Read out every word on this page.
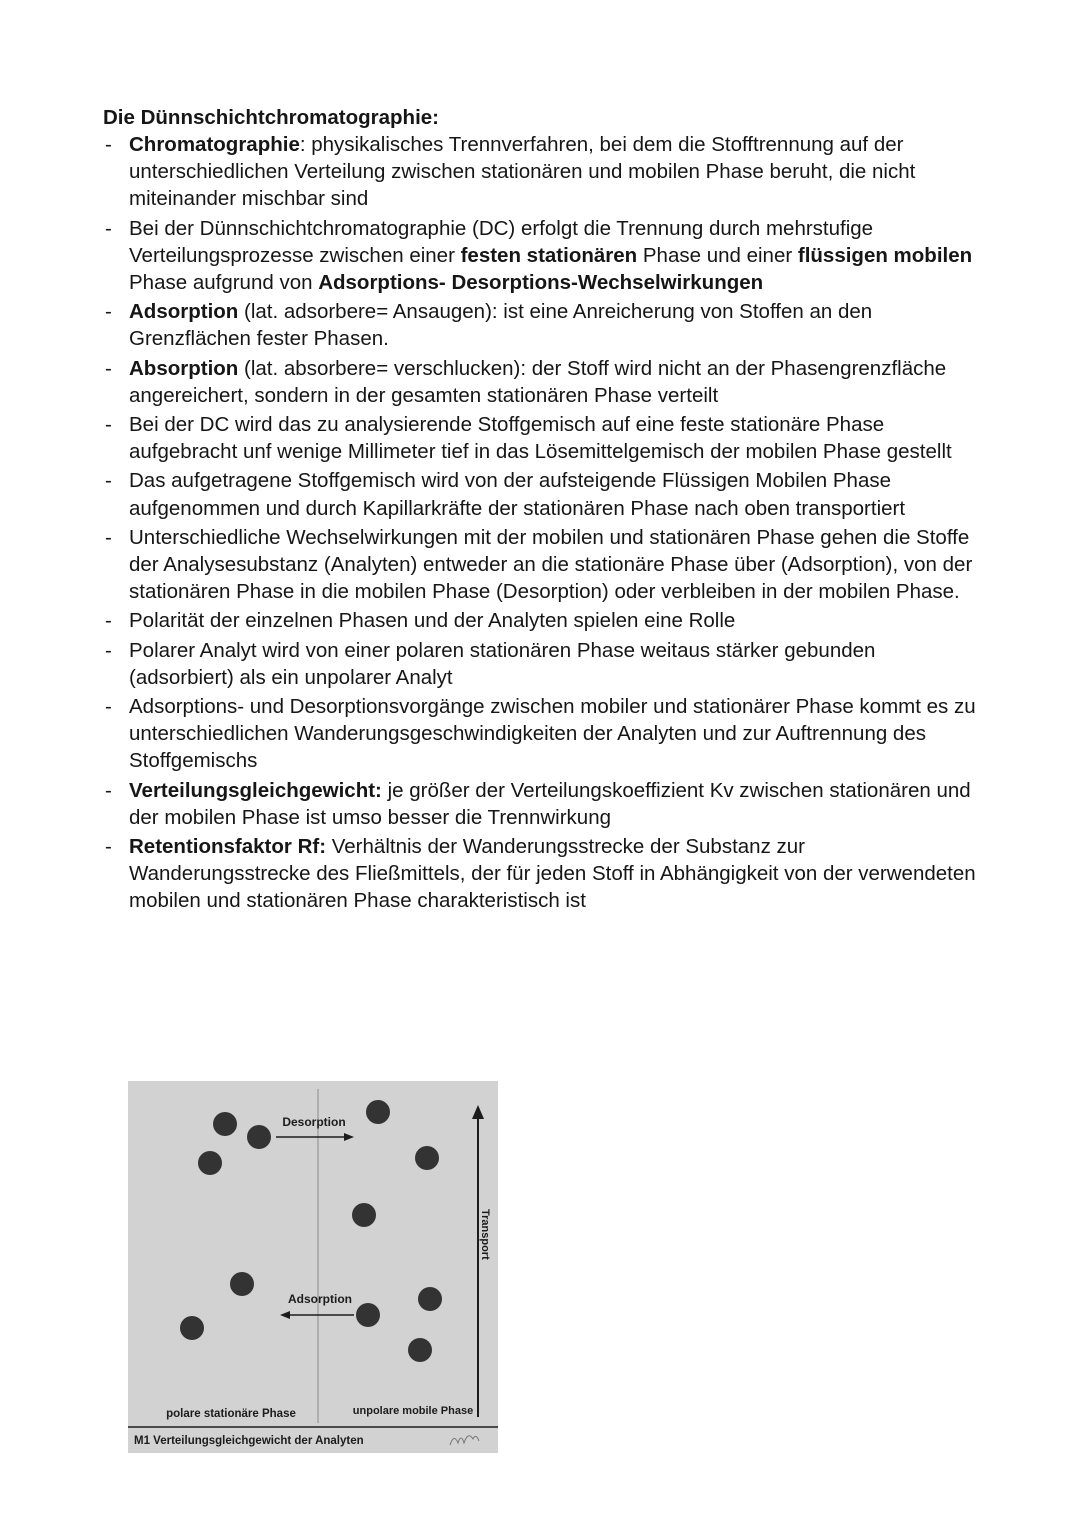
Die Dünnschichtchromatographie:
- Chromatographie: physikalisches Trennverfahren, bei dem die Stofftrennung auf der unterschiedlichen Verteilung zwischen stationären und mobilen Phase beruht, die nicht miteinander mischbar sind
- Bei der Dünnschichtchromatographie (DC) erfolgt die Trennung durch mehrstufige Verteilungsprozesse zwischen einer festen stationären Phase und einer flüssigen mobilen Phase aufgrund von Adsorptions- Desorptions-Wechselwirkungen
- Adsorption (lat. adsorbere= Ansaugen): ist eine Anreicherung von Stoffen an den Grenzflächen fester Phasen.
- Absorption (lat. absorbere= verschlucken): der Stoff wird nicht an der Phasengrenzfläche angereichert, sondern in der gesamten stationären Phase verteilt
- Bei der DC wird das zu analysierende Stoffgemisch auf eine feste stationäre Phase aufgebracht unf wenige Millimeter tief in das Lösemittelgemisch der mobilen Phase gestellt
- Das aufgetragene Stoffgemisch wird von der aufsteigende Flüssigen Mobilen Phase aufgenommen und durch Kapillarkräfte der stationären Phase nach oben transportiert
- Unterschiedliche Wechselwirkungen mit der mobilen und stationären Phase gehen die Stoffe der Analysesubstanz (Analyten) entweder an die stationäre Phase über (Adsorption), von der stationären Phase in die mobilen Phase (Desorption) oder verbleiben in der mobilen Phase.
- Polarität der einzelnen Phasen und der Analyten spielen eine Rolle
- Polarer Analyt wird von einer polaren stationären Phase weitaus stärker gebunden (adsorbiert) als ein unpolarer Analyt
- Adsorptions- und Desorptionsvorgänge zwischen mobiler und stationärer Phase kommt es zu unterschiedlichen Wanderungsgeschwindigkeiten der Analyten und zur Auftrennung des Stoffgemischs
- Verteilungsgleichgewicht: je größer der Verteilungskoeffizient Kv zwischen stationären und der mobilen Phase ist umso besser die Trennwirkung
- Retentionsfaktor Rf: Verhältnis der Wanderungsstrecke der Substanz zur Wanderungsstrecke des Fließmittels, der für jeden Stoff in Abhängigkeit von der verwendeten mobilen und stationären Phase charakteristisch ist
Desorption
Adsorption
Transport
polare stationäre Phase	unpolare mobile Phase
M1 Verteilungsgleichgewicht der Analyten
